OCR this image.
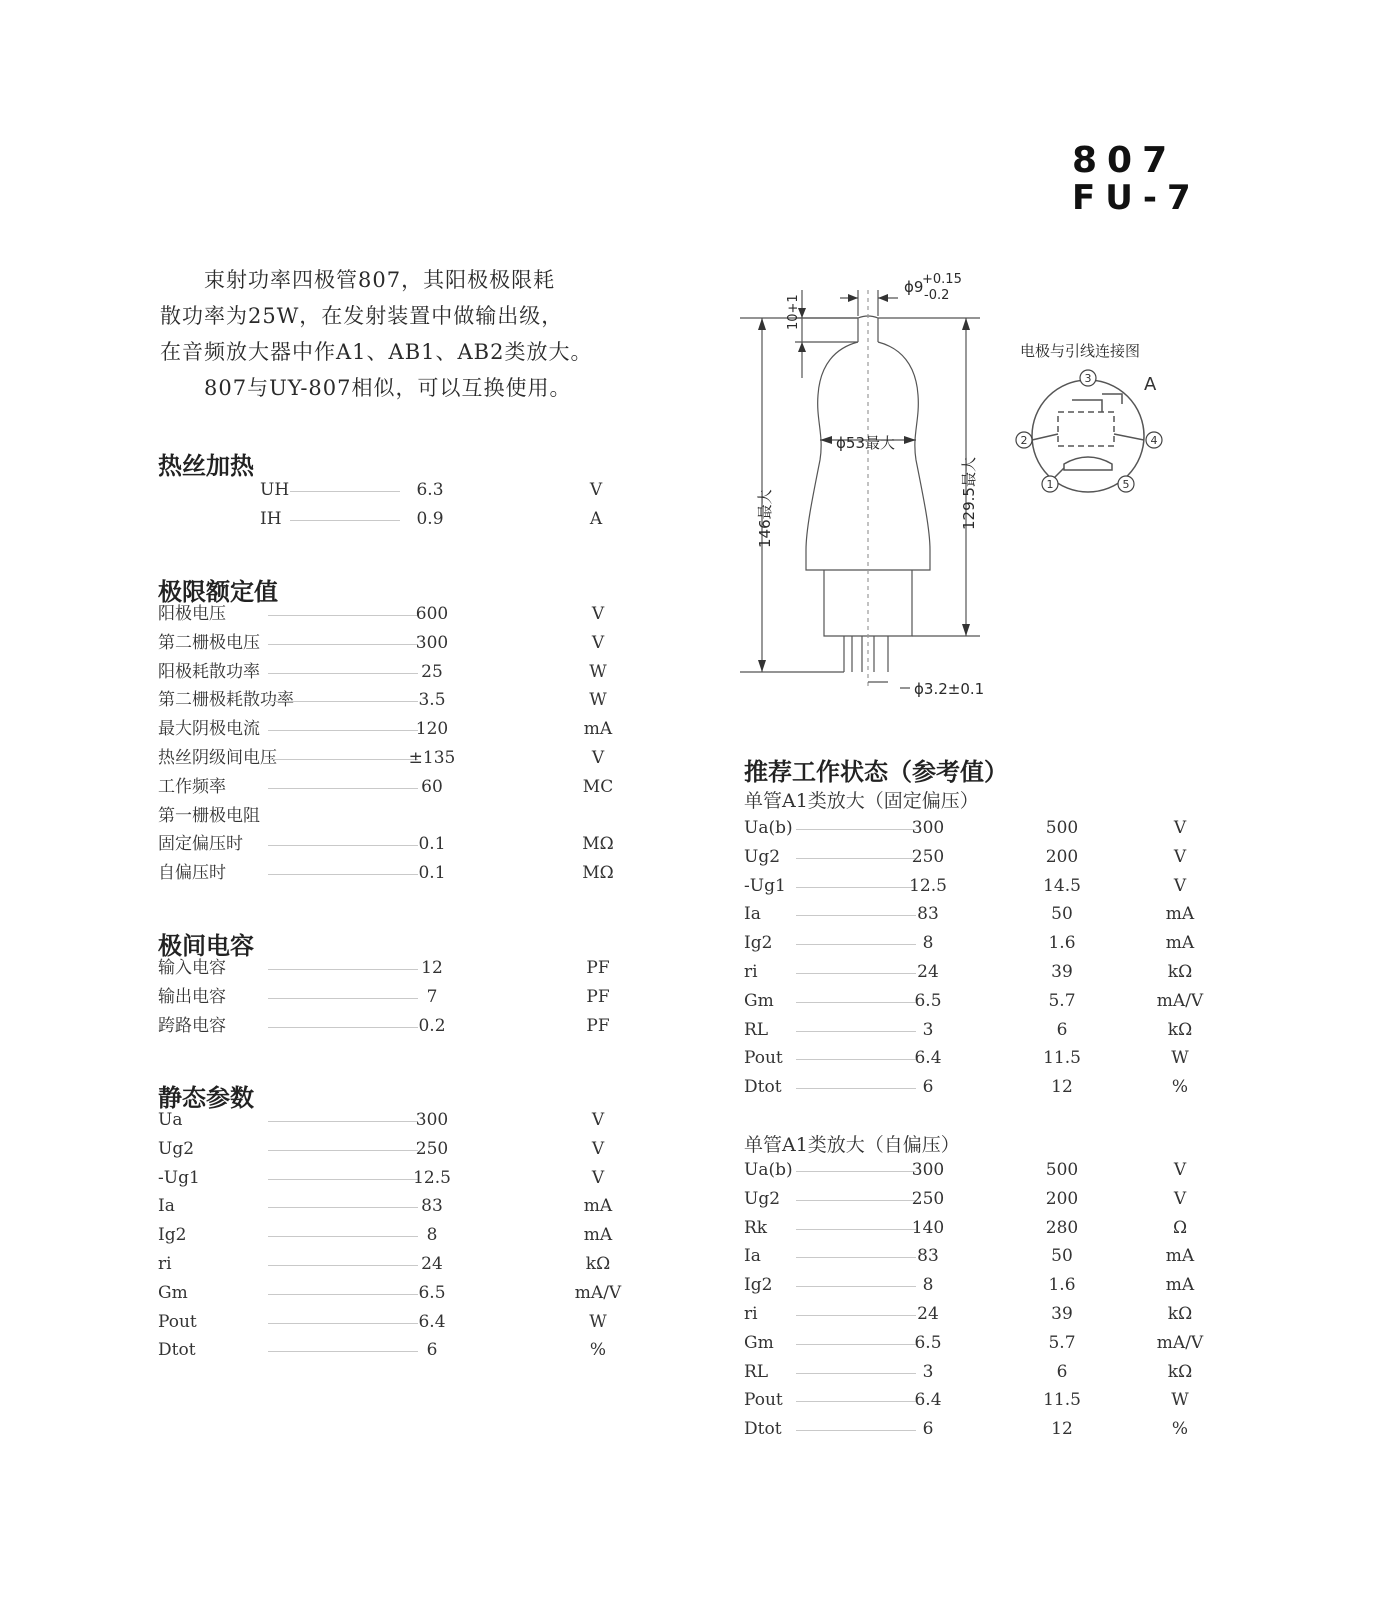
807
FU-7

　　束射功率四极管807，其阳极极限耗

散功率为25W，在发射装置中做输出级，

在音频放大器中作A1、AB1、AB2类放大。

　　807与UY-807相似，可以互换使用。

热丝加热
极限额定值
极间电容
静态参数
UH	6.3	V
IH	0.9	A
阳极电压	600	V
第二栅极电压	300	V
阳极耗散功率	25	W
第二栅极耗散功率	3.5	W
最大阴极电流	120	mA
热丝阴级间电压	±135	V
工作频率	60	MC
第一栅极电阻
固定偏压时	0.1	MΩ
自偏压时	0.1	MΩ
输入电容	12	PF
输出电容	7	PF
跨路电容	0.2	PF
Ua	300	V
Ug2	250	V
-Ug1	12.5	V
Ia	83	mA
Ig2	8	mA
ri	24	kΩ
Gm	6.5	mA/V
Pout	6.4	W
Dtot	6	%
ϕ9
+0.15
-0.2
10+1
ϕ53最大
146最大	129.5最大
ϕ3.2±0.1
电极与引线连接图
1
2
3
4
5
A
推荐工作状态（参考值）
单管A1类放大（固定偏压）
单管A1类放大（自偏压）
Ua(b)	300	500	V
Ug2	250	200	V
-Ug1	12.5	14.5	V
Ia	83	50	mA
Ig2	8	1.6	mA
ri	24	39	kΩ
Gm	6.5	5.7	mA/V
RL	3	6	kΩ
Pout	6.4	11.5	W
Dtot	6	12	%
Ua(b)	300	500	V
Ug2	250	200	V
Rk	140	280	Ω
Ia	83	50	mA
Ig2	8	1.6	mA
ri	24	39	kΩ
Gm	6.5	5.7	mA/V
RL	3	6	kΩ
Pout	6.4	11.5	W
Dtot	6	12	%
